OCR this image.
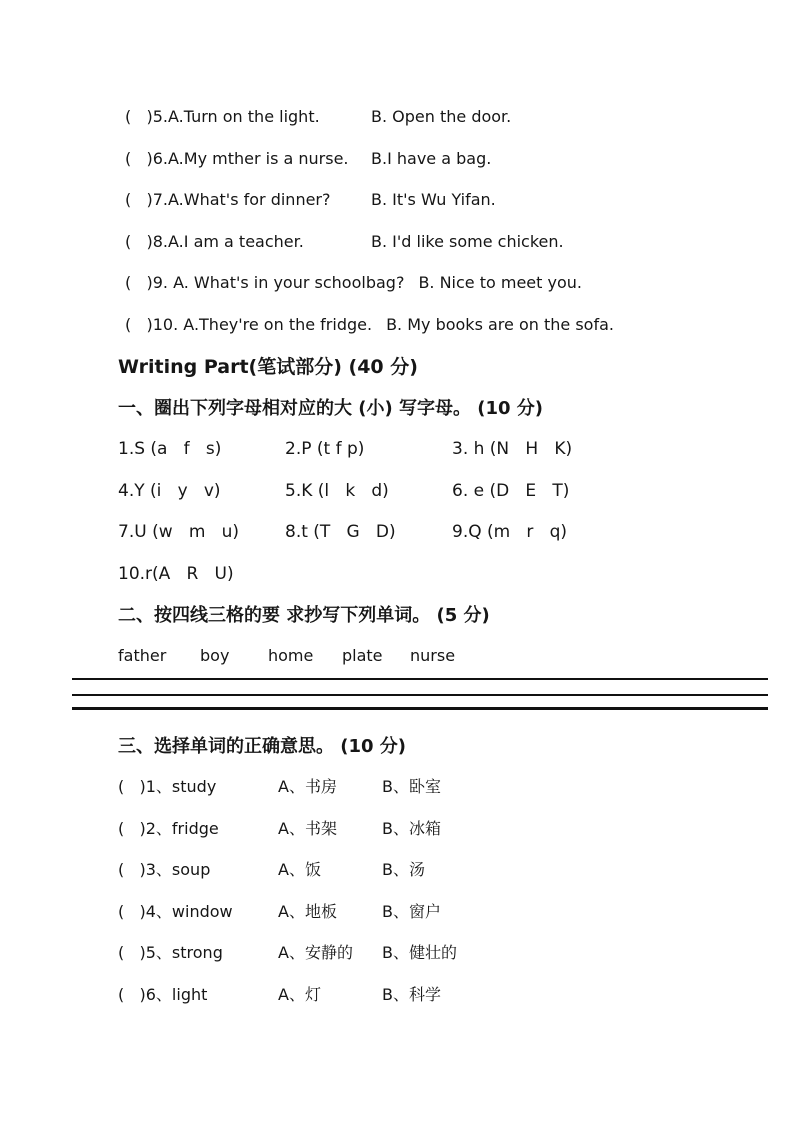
(   )5.A.Turn on the light.	B. Open the door.
(   )6.A.My mther is a nurse.	B.I have a bag.
(   )7.A.What's for dinner?	B. It's Wu Yifan.
(   )8.A.I am a teacher.	B. I'd like some chicken.
(   )9. A. What's in your schoolbag? B. Nice to meet you.
(   )10. A.They're on the fridge. B. My books are on the sofa.
Writing Part(笔试部分) (40 分)
一、圈出下列字母相对应的大 (小) 写字母。 (10 分)
1.S (a   f   s)	2.P (t f p)	3. h (N   H   K)
4.Y (i   y   v)	5.K (l   k   d)	6. e (D   E   T)
7.U (w   m   u)	8.t (T   G   D)	9.Q (m   r   q)
10.r(A   R   U)
二、按四线三格的要 求抄写下列单词。 (5 分)
father	boy	home	plate	nurse
三、选择单词的正确意思。 (10 分)
(   )1、study	A、书房	B、卧室
(   )2、fridge	A、书架	B、冰箱
(   )3、soup	A、饭	B、汤
(   )4、window	A、地板	B、窗户
(   )5、strong	A、安静的	B、健壮的
(   )6、light	A、灯	B、科学
